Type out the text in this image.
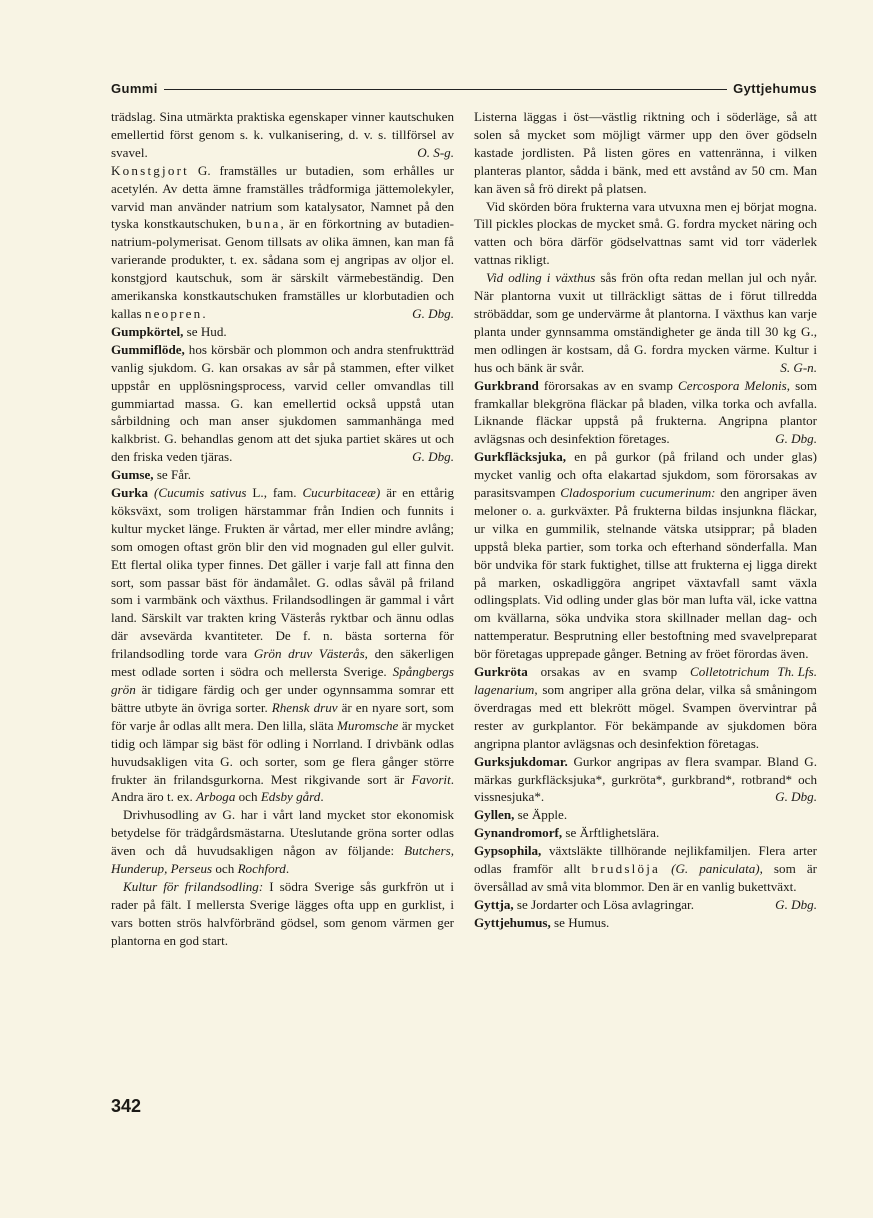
Gummi	Gyttjehumus

trädslag. Sina utmärkta praktiska egenskaper vinner kautschuken emellertid först genom s. k. vulkanisering, d. v. s. tillförsel av svavel.	O. S-g.

Konstgjort G. framställes ur butadien, som erhålles ur acetylén. Av detta ämne framställes trådformiga jättemolekyler, varvid man använder natrium som katalysator, Namnet på den tyska konstkautschuken, buna, är en förkortning av butadien-natrium-polymerisat. Genom tillsats av olika ämnen, kan man få varierande produkter, t. ex. sådana som ej angripas av oljor el. konstgjord kautschuk, som är särskilt värmebeständig. Den amerikanska konstkautschuken framställes ur klorbutadien och kallas neopren.	G. Dbg.

Gumpkörtel, se Hud.

Gummiflöde, hos körsbär och plommon och andra stenfruktträd vanlig sjukdom. G. kan orsakas av sår på stammen, efter vilket uppstår en upplösningsprocess, varvid celler omvandlas till gummiartad massa. G. kan emellertid också uppstå utan sårbildning och man anser sjukdomen sammanhänga med kalkbrist. G. behandlas genom att det sjuka partiet skäres ut och den friska veden tjäras.	G. Dbg.

Gumse, se Får.

Gurka (Cucumis sativus L., fam. Cucurbitaceæ) är en ettårig köksväxt, som troligen härstammar från Indien och funnits i kultur mycket länge. Frukten är vårtad, mer eller mindre avlång; som omogen oftast grön blir den vid mognaden gul eller gulvit. Ett flertal olika typer finnes. Det gäller i varje fall att finna den sort, som passar bäst för ändamålet. G. odlas såväl på friland som i varmbänk och växthus. Frilandsodlingen är gammal i vårt land. Särskilt var trakten kring Västerås ryktbar och ännu odlas där avsevärda kvantiteter. De f. n. bästa sorterna för frilandsodling torde vara Grön druv Västerås, den säkerligen mest odlade sorten i södra och mellersta Sverige. Spångbergs grön är tidigare färdig och ger under ogynnsamma somrar ett bättre utbyte än övriga sorter. Rhensk druv är en nyare sort, som för varje år odlas allt mera. Den lilla, släta Muromsche är mycket tidig och lämpar sig bäst för odling i Norrland. I drivbänk odlas huvudsakligen vita G. och sorter, som ge flera gånger större frukter än frilandsgurkorna. Mest rikgivande sort är Favorit. Andra äro t. ex. Arboga och Edsby gård.

Drivhusodling av G. har i vårt land mycket stor ekonomisk betydelse för trädgårdsmästarna. Uteslutande gröna sorter odlas även och då huvudsakligen någon av följande: Butchers, Hunderup, Perseus och Rochford.

Kultur för frilandsodling: I södra Sverige sås gurkfrön ut i rader på fält. I mellersta Sverige lägges ofta upp en gurklist, i vars botten strös halvförbränd gödsel, som genom värmen ger plantorna en god start.

Listerna läggas i öst—västlig riktning och i söderläge, så att solen så mycket som möjligt värmer upp den över gödseln kastade jordlisten. På listen göres en vattenränna, i vilken planteras plantor, sådda i bänk, med ett avstånd av 50 cm. Man kan även så frö direkt på platsen.

Vid skörden böra frukterna vara utvuxna men ej börjat mogna. Till pickles plockas de mycket små. G. fordra mycket näring och vatten och böra därför gödselvattnas samt vid torr väderlek vattnas rikligt.

Vid odling i växthus sås frön ofta redan mellan jul och nyår. När plantorna vuxit ut tillräckligt sättas de i förut tillredda ströbäddar, som ge undervärme åt plantorna. I växthus kan varje planta under gynnsamma omständigheter ge ända till 30 kg G., men odlingen är kostsam, då G. fordra mycken värme. Kultur i hus och bänk är svår.	S. G-n.

Gurkbrand förorsakas av en svamp Cercospora Melonis, som framkallar blekgröna fläckar på bladen, vilka torka och avfalla. Liknande fläckar uppstå på frukterna. Angripna plantor avlägsnas och desinfektion företages.	G. Dbg.

Gurkfläcksjuka, en på gurkor (på friland och under glas) mycket vanlig och ofta elakartad sjukdom, som förorsakas av parasitsvampen Cladosporium cucumerinum: den angriper även meloner o. a. gurkväxter. På frukterna bildas insjunkna fläckar, ur vilka en gummilik, stelnande vätska utsipprar; på bladen uppstå bleka partier, som torka och efterhand sönderfalla. Man bör undvika för stark fuktighet, tillse att frukterna ej ligga direkt på marken, oskadliggöra angripet växtavfall samt växla odlingsplats. Vid odling under glas bör man lufta väl, icke vattna om kvällarna, söka undvika stora skillnader mellan dag- och nattemperatur. Besprutning eller bestoftning med svavelpreparat bör företagas upprepade gånger. Betning av fröet förordas även.
Th. Lfs.

Gurkröta orsakas av en svamp Colletotrichum lagenarium, som angriper alla gröna delar, vilka så småningom överdragas med ett blekrött mögel. Svampen övervintrar på rester av gurkplantor. För bekämpande av sjukdomen böra angripna plantor avlägsnas och desinfektion företagas.

Gurksjukdomar. Gurkor angripas av flera svampar. Bland G. märkas gurkfläcksjuka*, gurkröta*, gurkbrand*, rotbrand* och vissnesjuka*.	G. Dbg.

Gyllen, se Äpple.

Gynandromorf, se Ärftlighetslära.

Gypsophila, växtsläkte tillhörande nejlikfamiljen. Flera arter odlas framför allt brudslöja (G. paniculata), som är översållad av små vita blommor. Den är en vanlig bukettväxt.
G. Dbg.

Gyttja, se Jordarter och Lösa avlagringar.

Gyttjehumus, se Humus.

342
